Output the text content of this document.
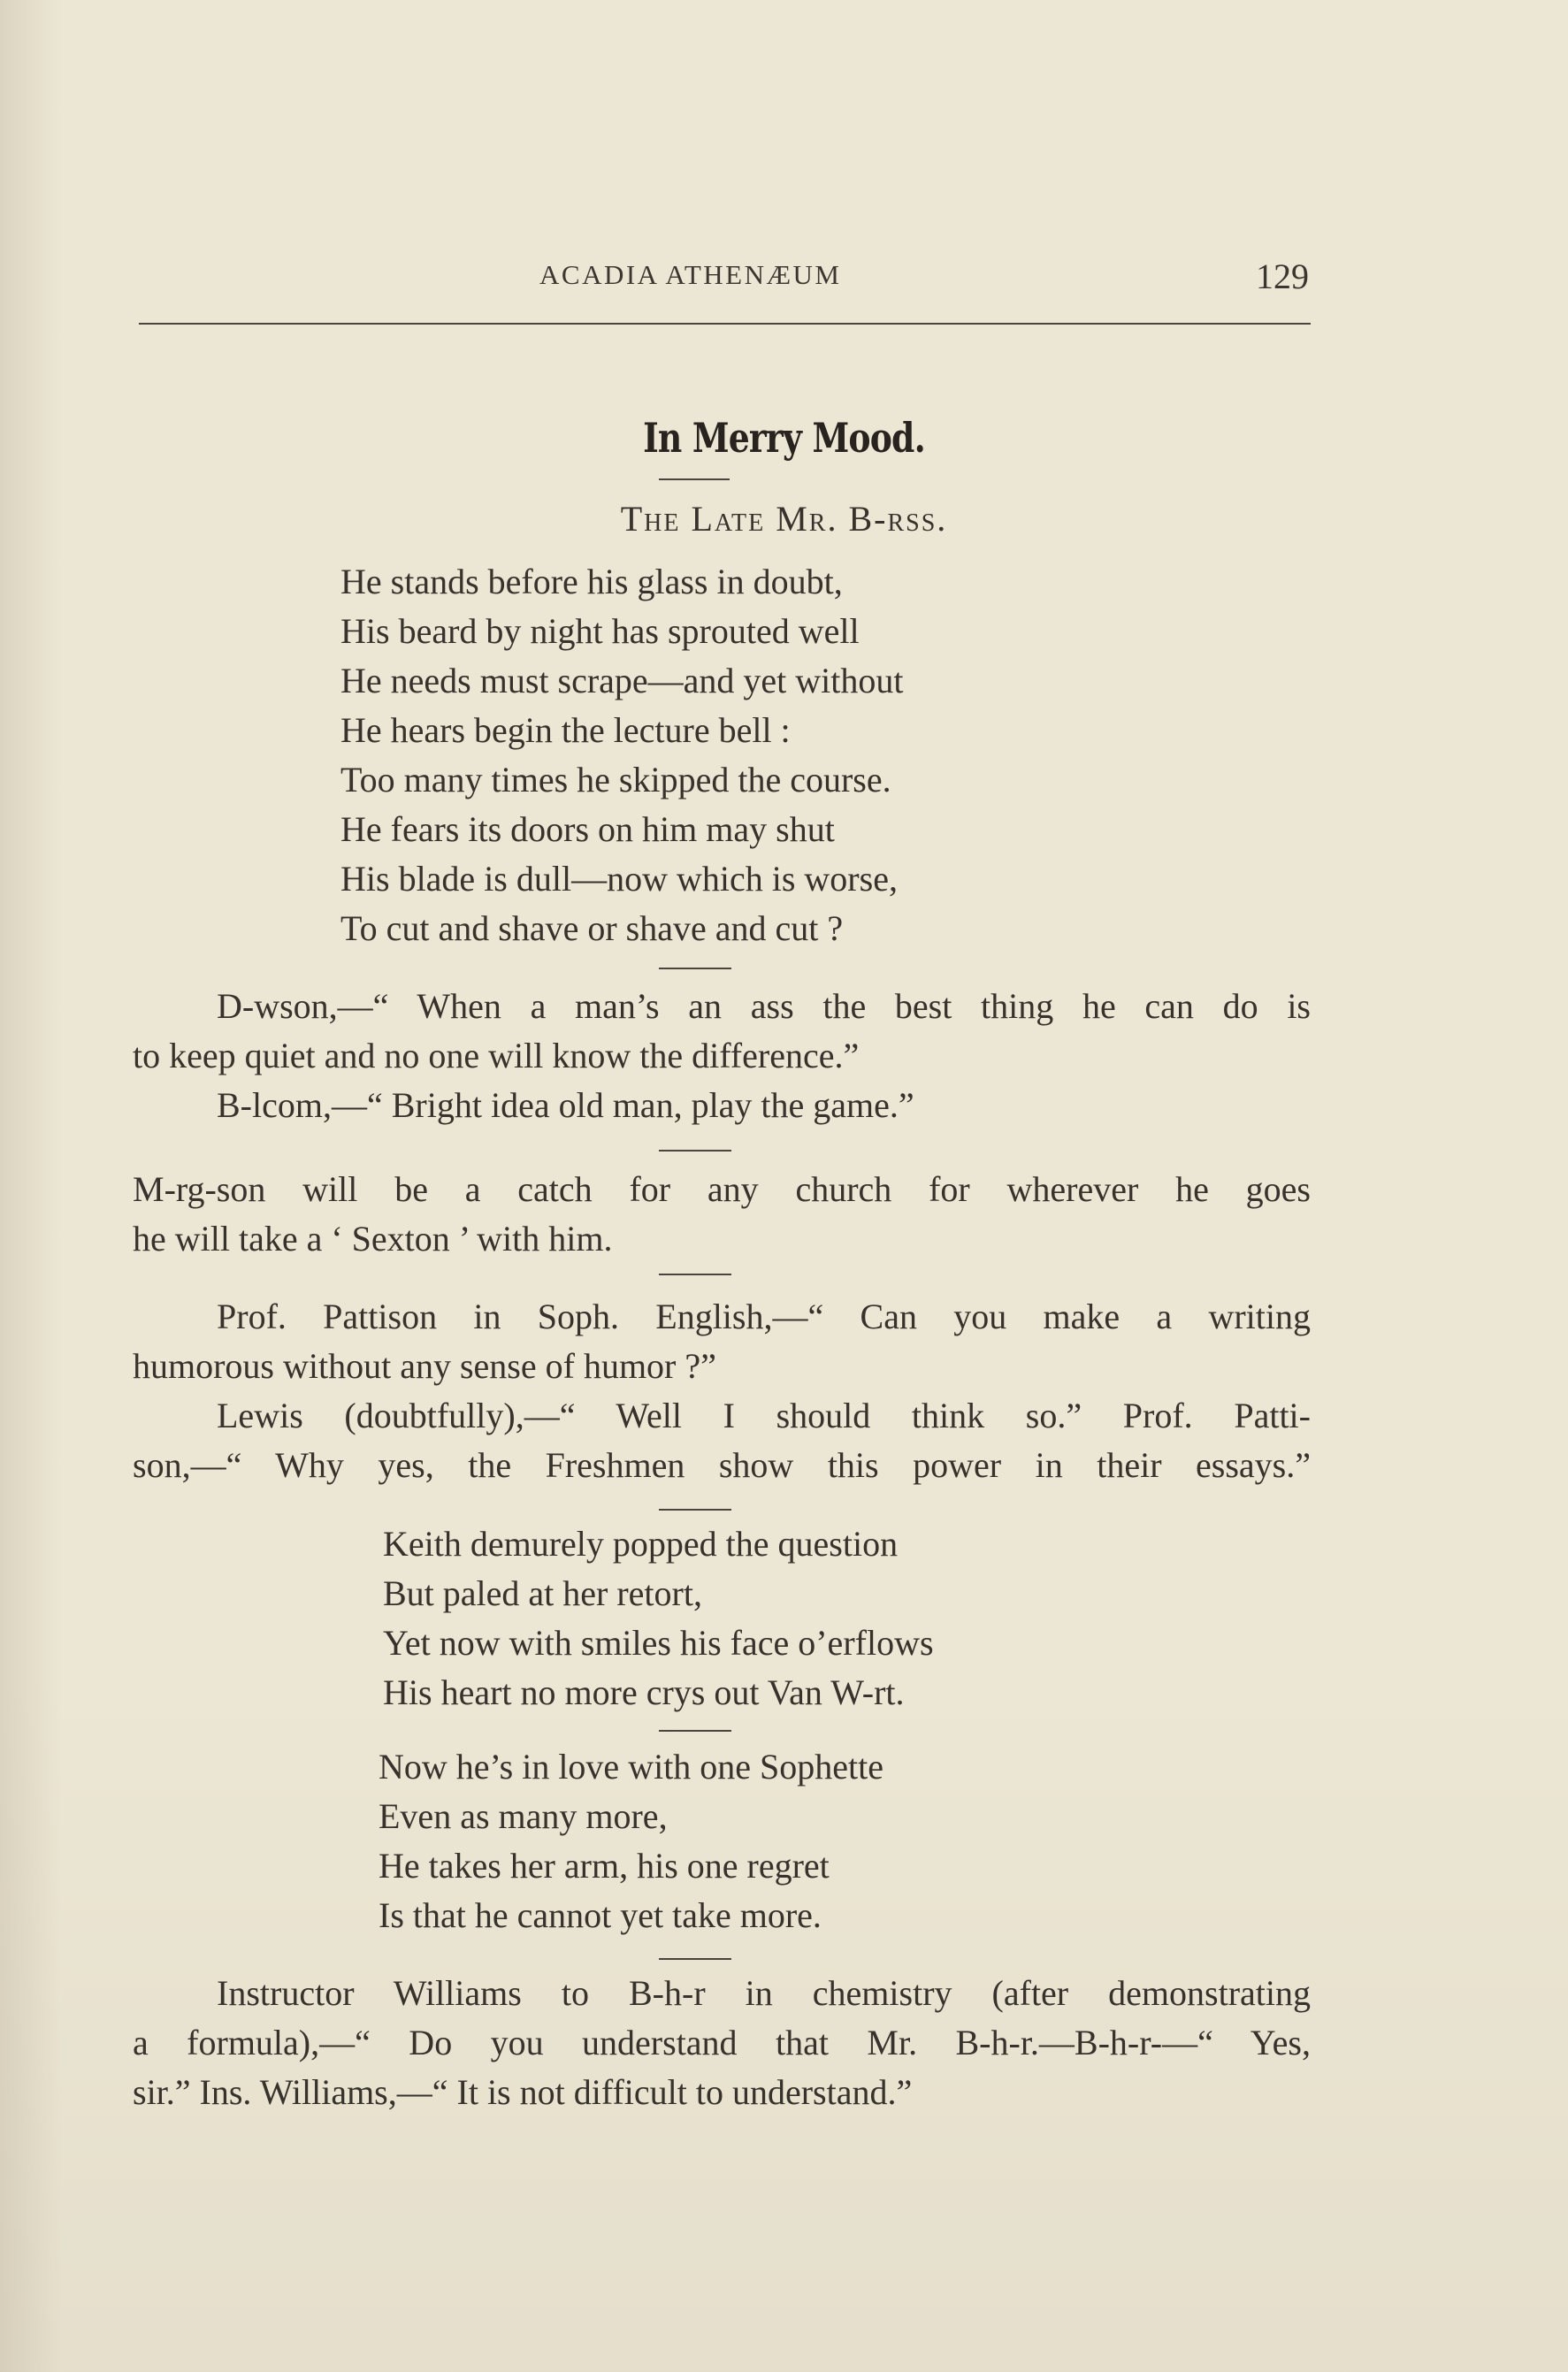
ACADIA ATHENÆUM	129
In Merry Mood.
The Late Mr. B-rss.
He stands before his glass in doubt,
His beard by night has sprouted well
He needs must scrape—and yet without
He hears begin the lecture bell :
Too many times he skipped the course.
He fears its doors on him may shut
His blade is dull—now which is worse,
To cut and shave or shave and cut ?
D-wson,—“ When a man’s an ass the best thing he can do is
to keep quiet and no one will know the difference.”
B-lcom,—“ Bright idea old man, play the game.”
M-rg-son will be a catch for any church for wherever he goes
he will take a ‘ Sexton ’ with him.
Prof. Pattison in Soph. English,—“ Can you make a writing
humorous without any sense of humor ?”
Lewis (doubtfully),—“ Well I should think so.” Prof. Patti-
son,—“ Why yes, the Freshmen show this power in their essays.”
Keith demurely popped the question
But paled at her retort,
Yet now with smiles his face o’erflows
His heart no more crys out Van W-rt.
Now he’s in love with one Sophette
Even as many more,
He takes her arm, his one regret
Is that he cannot yet take more.
Instructor Williams to B-h-r in chemistry (after demonstrating
a formula),—“ Do you understand that Mr. B-h-r.—B-h-r-—“ Yes,
sir.” Ins. Williams,—“ It is not difficult to understand.”
